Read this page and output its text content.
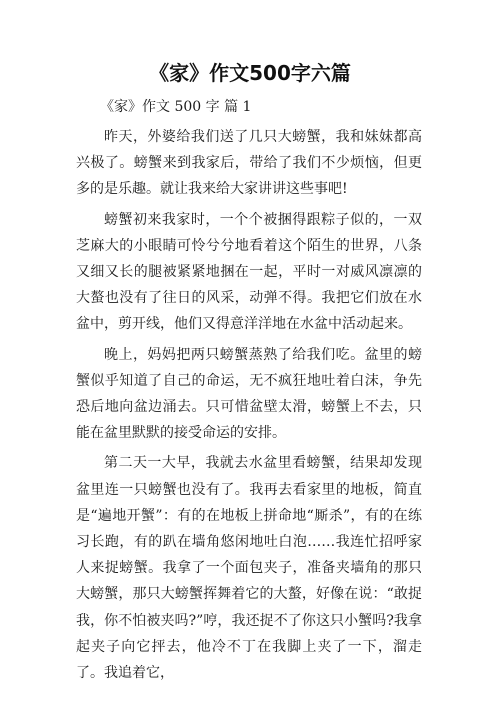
《家》作文500字六篇

《家》作文 500 字 篇 1

昨天，外婆给我们送了几只大螃蟹，我和妹妹都高兴极了。螃蟹来到我家后，带给了我们不少烦恼，但更多的是乐趣。就让我来给大家讲讲这些事吧!

螃蟹初来我家时，一个个被捆得跟粽子似的，一双芝麻大的小眼睛可怜兮兮地看着这个陌生的世界，八条又细又长的腿被紧紧地捆在一起，平时一对威风凛凛的大螯也没有了往日的风采，动弹不得。我把它们放在水盆中，剪开线，他们又得意洋洋地在水盆中活动起来。

晚上，妈妈把两只螃蟹蒸熟了给我们吃。盆里的螃蟹似乎知道了自己的命运，无不疯狂地吐着白沫，争先恐后地向盆边涌去。只可惜盆壁太滑，螃蟹上不去，只能在盆里默默的接受命运的安排。

第二天一大早，我就去水盆里看螃蟹，结果却发现盆里连一只螃蟹也没有了。我再去看家里的地板，简直是“遍地开蟹”：有的在地板上拼命地“厮杀”，有的在练习长跑，有的趴在墙角悠闲地吐白泡……我连忙招呼家人来捉螃蟹。我拿了一个面包夹子，准备夹墙角的那只大螃蟹，那只大螃蟹挥舞着它的大螯，好像在说：“敢捉我，你不怕被夹吗?”哼，我还捉不了你这只小蟹吗?我拿起夹子向它抨去，他冷不丁在我脚上夹了一下，溜走了。我追着它，
